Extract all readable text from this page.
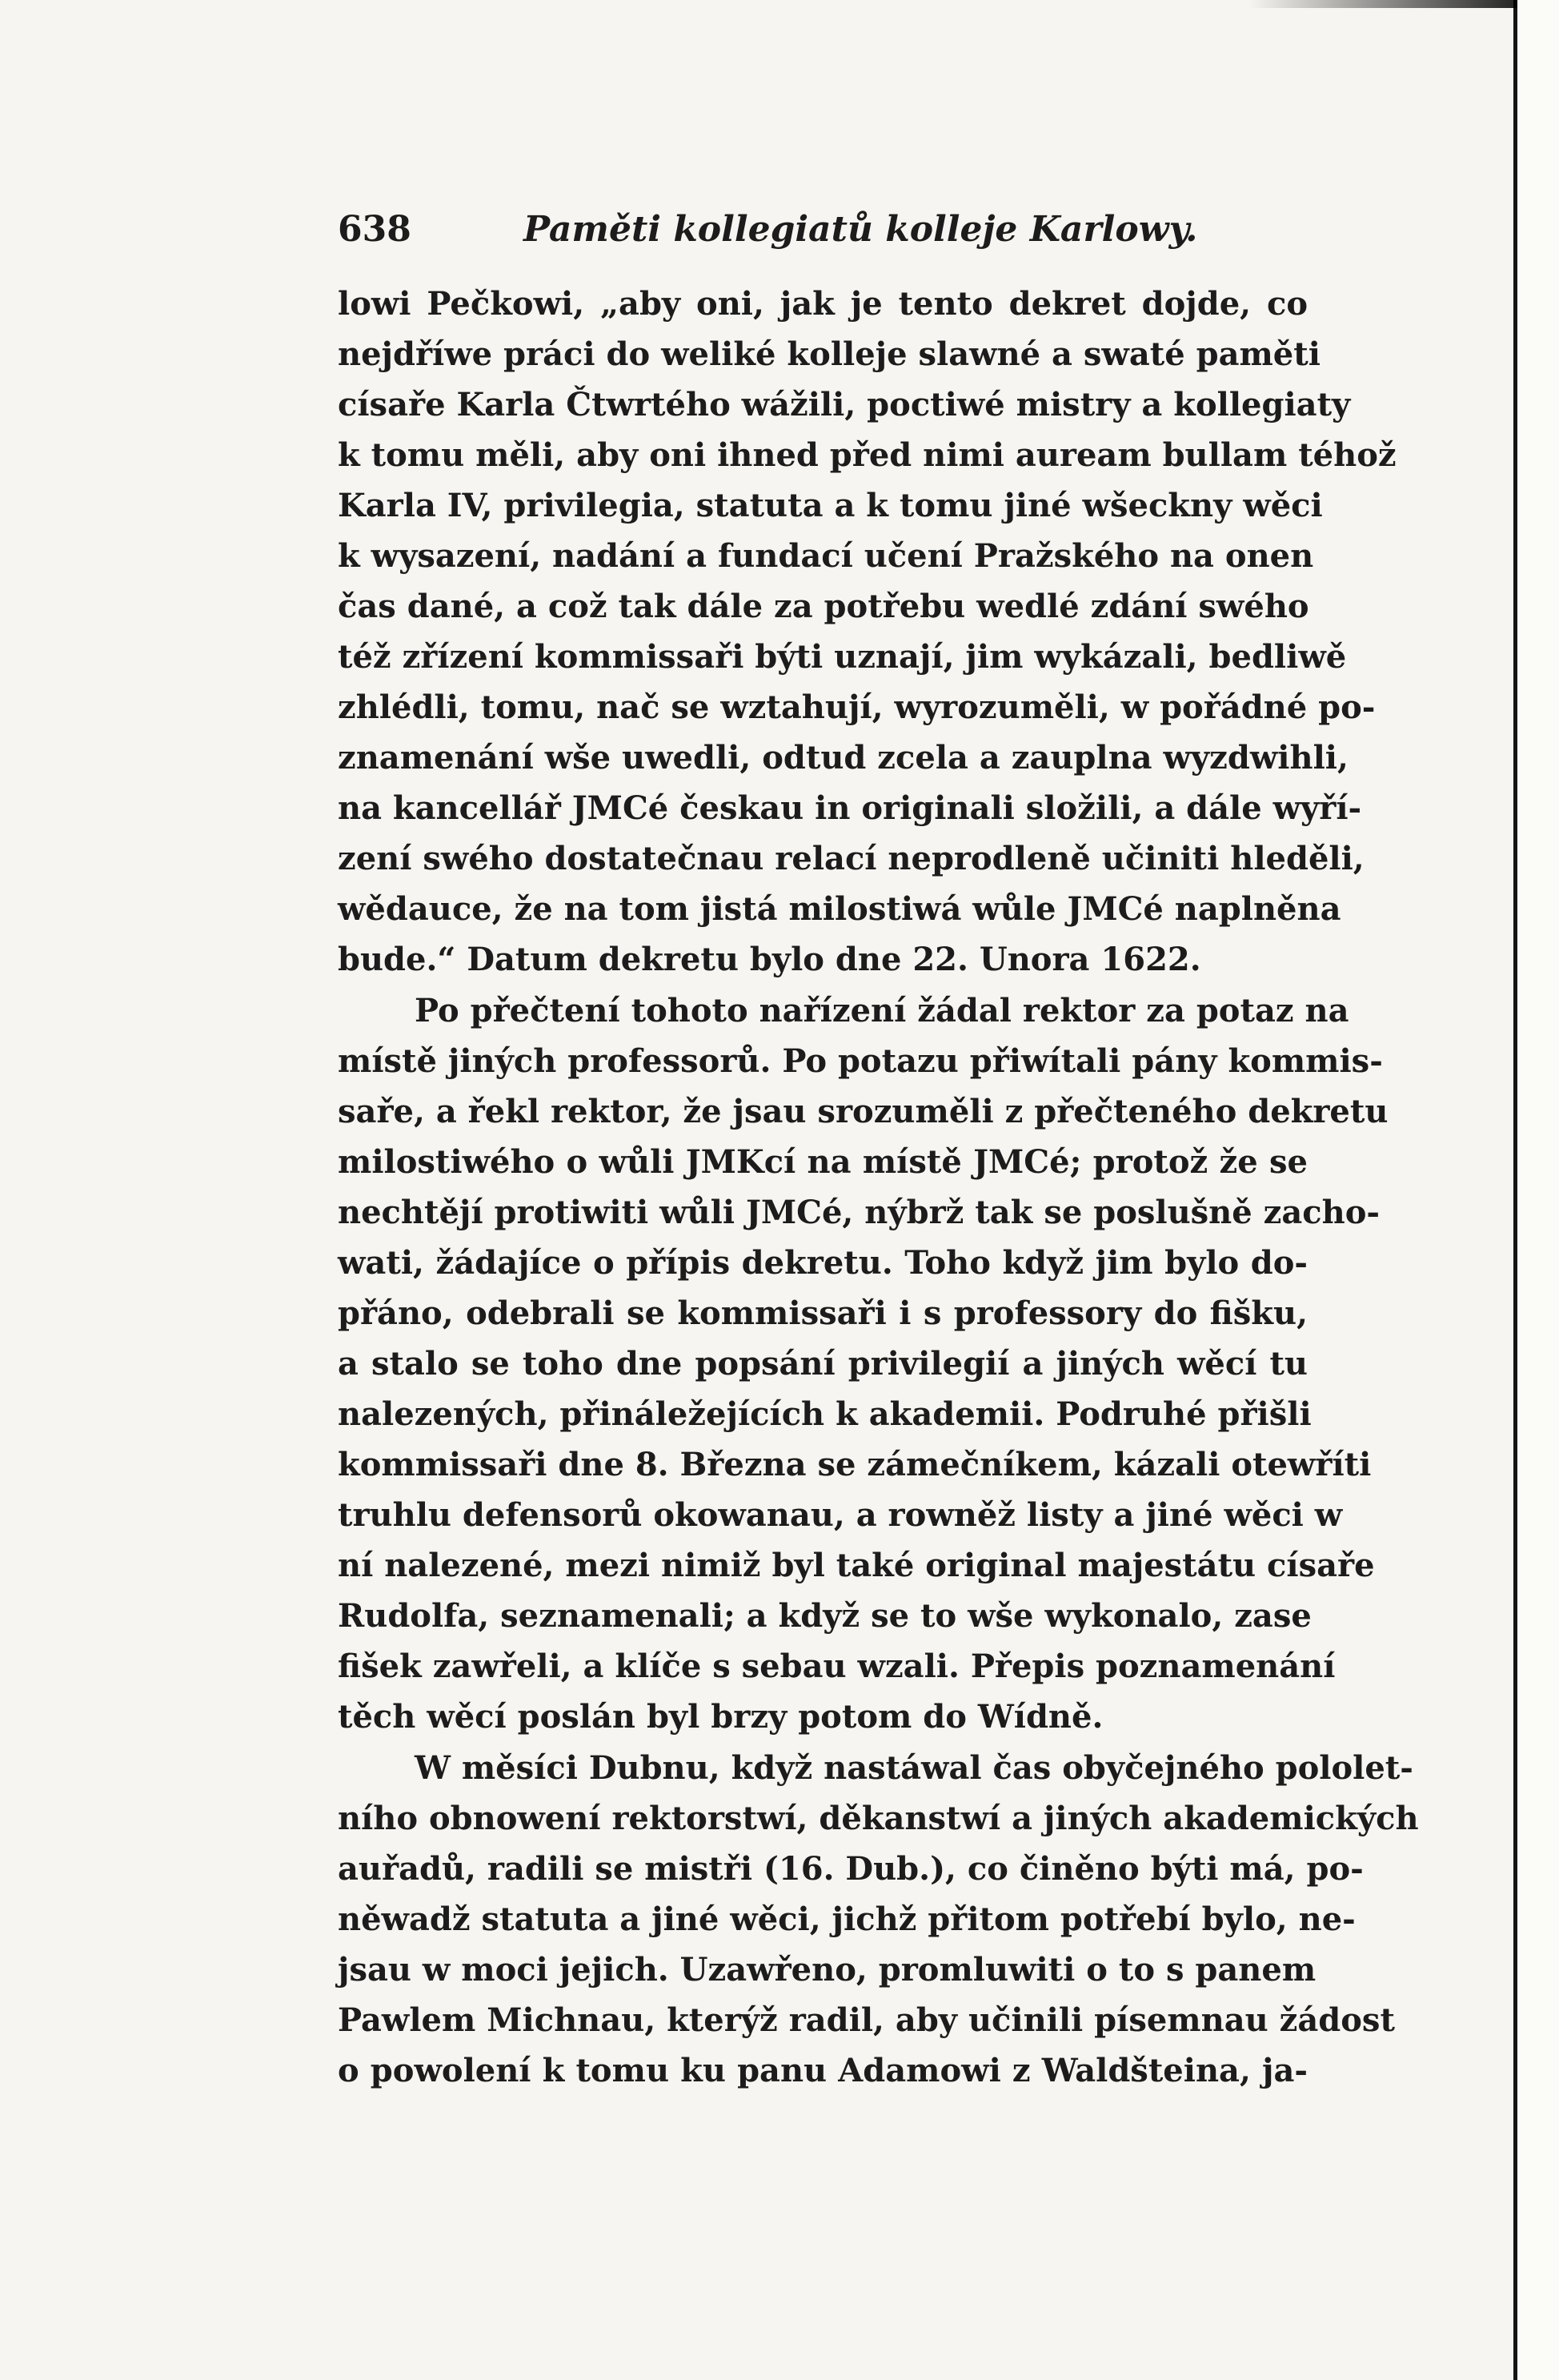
638	Paměti kollegiatů kolleje Karlowy.
lowi Pečkowi, „aby oni, jak je tento dekret dojde, co
nejdříwe práci do weliké kolleje slawné a swaté paměti
císaře Karla Čtwrtého wážili, poctiwé mistry a kollegiaty
k tomu měli, aby oni ihned před nimi auream bullam téhož
Karla IV, privilegia, statuta a k tomu jiné wšeckny wěci
k wysazení, nadání a fundací učení Pražského na onen
čas dané, a což tak dále za potřebu wedlé zdání swého
též zřízení kommissaři býti uznají, jim wykázali, bedliwě
zhlédli, tomu, nač se wztahují, wyrozuměli, w pořádné po-
znamenání wše uwedli, odtud zcela a zauplna wyzdwihli,
na kancellář JMCé českau in originali složili, a dále wyří-
zení swého dostatečnau relací neprodleně učiniti hleděli,
wědauce, že na tom jistá milostiwá wůle JMCé naplněna
bude.“ Datum dekretu bylo dne 22. Unora 1622.
Po přečtení tohoto nařízení žádal rektor za potaz na
místě jiných professorů. Po potazu přiwítali pány kommis-
saře, a řekl rektor, že jsau srozuměli z přečteného dekretu
milostiwého o wůli JMKcí na místě JMCé; protož že se
nechtějí protiwiti wůli JMCé, nýbrž tak se poslušně zacho-
wati, žádajíce o přípis dekretu. Toho když jim bylo do-
přáno, odebrali se kommissaři i s professory do fišku,
a stalo se toho dne popsání privilegií a jiných wěcí tu
nalezených, přináležejících k akademii. Podruhé přišli
kommissaři dne 8. Března se zámečníkem, kázali otewříti
truhlu defensorů okowanau, a rowněž listy a jiné wěci w
ní nalezené, mezi nimiž byl také original majestátu císaře
Rudolfa, seznamenali; a když se to wše wykonalo, zase
fišek zawřeli, a klíče s sebau wzali. Přepis poznamenání
těch wěcí poslán byl brzy potom do Wídně.
W měsíci Dubnu, když nastáwal čas obyčejného pololet-
ního obnowení rektorstwí, děkanstwí a jiných akademických
auřadů, radili se mistři (16. Dub.), co činěno býti má, po-
něwadž statuta a jiné wěci, jichž přitom potřebí bylo, ne-
jsau w moci jejich. Uzawřeno, promluwiti o to s panem
Pawlem Michnau, kterýž radil, aby učinili písemnau žádost
o powolení k tomu ku panu Adamowi z Waldšteina, ja-
